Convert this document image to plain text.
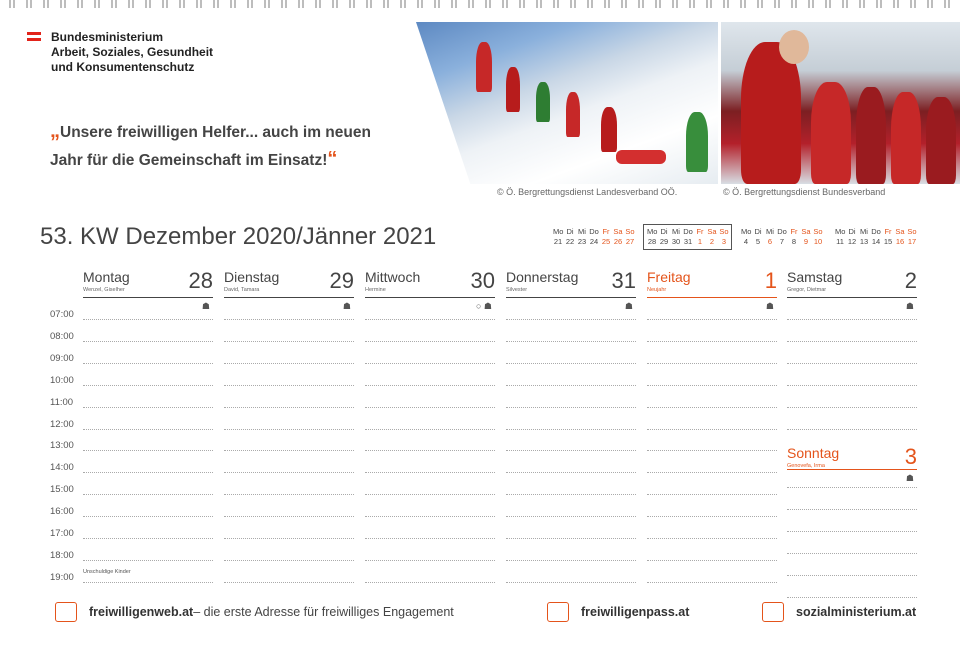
Bundesministerium
Arbeit, Soziales, Gesundheit
und Konsumentenschutz
„Unsere freiwilligen Helfer... auch im neuen
Jahr für die Gemeinschaft im Einsatz!“
© Ö. Bergrettungsdienst Landesverband OÖ.	© Ö. Bergrettungsdienst Bundesverband
53. KW Dezember 2020/Jänner 2021	Mo Di Mi Do Fr Sa So
21 22 23 24 25 26 27
Mo Di Mi Do Fr Sa So
28 29 30 31 1	2	3
Mo Di Mi Do Fr Sa So
4	5	6	7	8	9 10
Mo Di Mi Do Fr Sa So
11 12 13 14 15 16 17
07:00
08:00
09:00
10:00
11:00
12:00
13:00
14:00
15:00
16:00
17:00
18:00
19:00
Montag	28
Wenzel, Giselher
☗
Unschuldige Kinder
Dienstag 29
David, Tamara
☗
Mittwoch 30
Hermine
○ ☗
Donnerstag 31
Silvester
☗
Freitag	1
Neujahr
☗
Samstag	2
Gregor, Dietmar
☗
Sonntag	3
Genovefa, Irma
☗
freiwilligenweb.at – die erste Adresse für freiwilliges Engagement	freiwilligenpass.at	sozialministerium.at
